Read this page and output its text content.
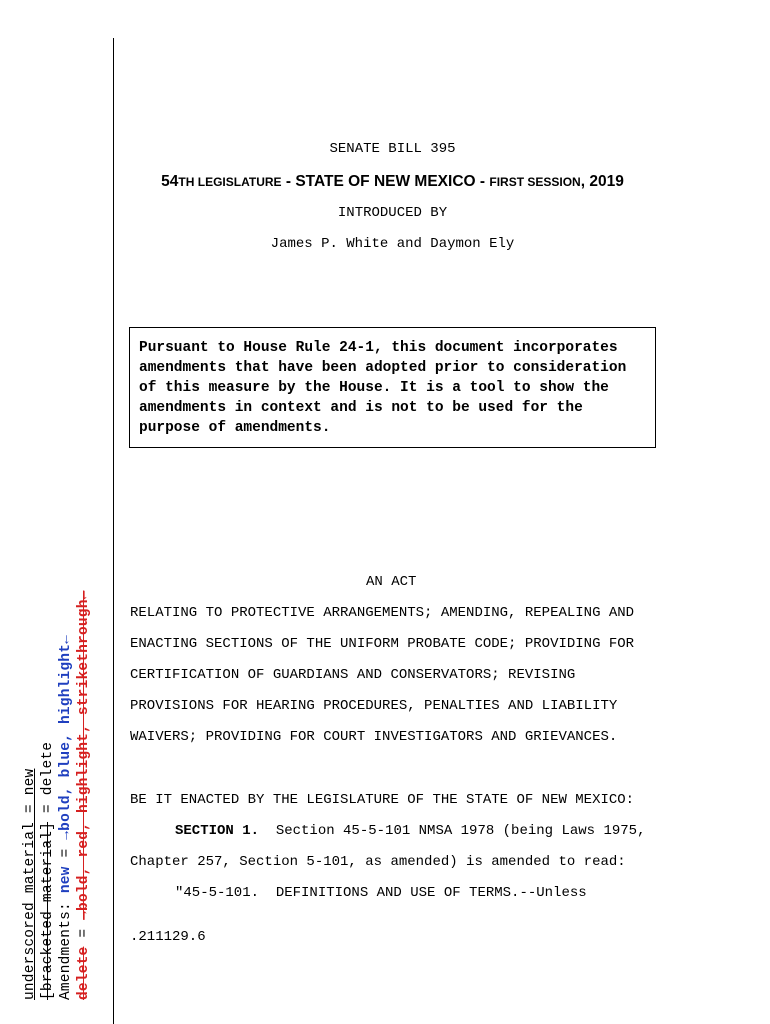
underscored material = new [bracketed material] = delete
Amendments: new = →bold, blue, highlight←
delete = →bold, red, highlight, strikethrough←
SENATE BILL 395
54TH LEGISLATURE - STATE OF NEW MEXICO - FIRST SESSION, 2019
INTRODUCED BY
James P. White and Daymon Ely
Pursuant to House Rule 24-1, this document incorporates
amendments that have been adopted prior to consideration
of this measure by the House. It is a tool to show the
amendments in context and is not to be used for the
purpose of amendments.
AN ACT
RELATING TO PROTECTIVE ARRANGEMENTS; AMENDING, REPEALING AND
ENACTING SECTIONS OF THE UNIFORM PROBATE CODE; PROVIDING FOR
CERTIFICATION OF GUARDIANS AND CONSERVATORS; REVISING
PROVISIONS FOR HEARING PROCEDURES, PENALTIES AND LIABILITY
WAIVERS; PROVIDING FOR COURT INVESTIGATORS AND GRIEVANCES.
BE IT ENACTED BY THE LEGISLATURE OF THE STATE OF NEW MEXICO:
SECTION 1.  Section 45-5-101 NMSA 1978 (being Laws 1975,
Chapter 257, Section 5-101, as amended) is amended to read:
"45-5-101.  DEFINITIONS AND USE OF TERMS.--Unless
.211129.6
